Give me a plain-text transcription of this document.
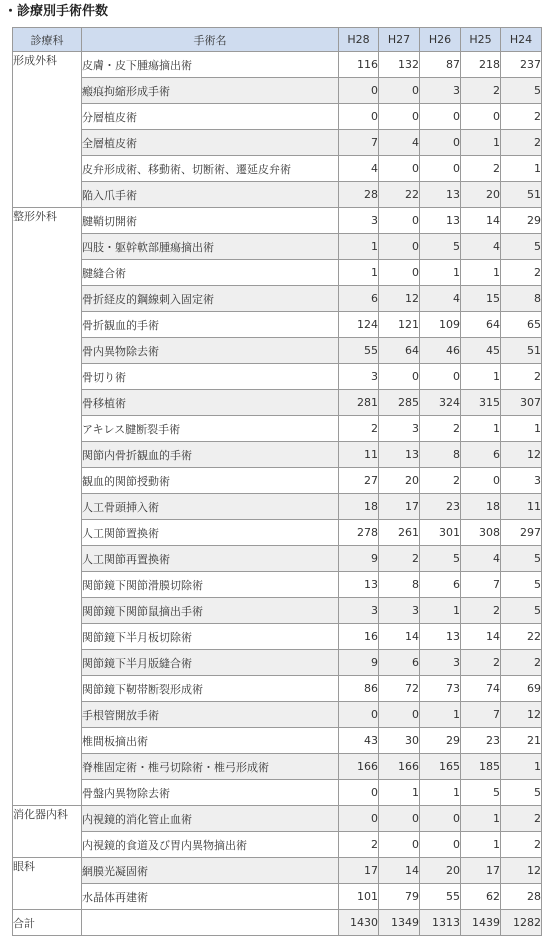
・診療別手術件数
診療科	手術名	H28	H27	H26	H25	H24
形成外科	皮膚・皮下腫瘍摘出術	116	132	87	218	237
	瘢痕拘縮形成手術	0	0	3	2	5
	分層植皮術	0	0	0	0	2
	全層植皮術	7	4	0	1	2
	皮弁形成術、移動術、切断術、遷延皮弁術	4	0	0	2	1
	陥入爪手術	28	22	13	20	51
整形外科	腱鞘切開術	3	0	13	14	29
	四肢・躯幹軟部腫瘍摘出術	1	0	5	4	5
	腱縫合術	1	0	1	1	2
	骨折経皮的鋼線刺入固定術	6	12	4	15	8
	骨折観血的手術	124	121	109	64	65
	骨内異物除去術	55	64	46	45	51
	骨切り術	3	0	0	1	2
	骨移植術	281	285	324	315	307
	アキレス腱断裂手術	2	3	2	1	1
	関節内骨折観血的手術	11	13	8	6	12
	観血的関節授動術	27	20	2	0	3
	人工骨頭挿入術	18	17	23	18	11
	人工関節置換術	278	261	301	308	297
	人工関節再置換術	9	2	5	4	5
	関節鏡下関節滑膜切除術	13	8	6	7	5
	関節鏡下関節鼠摘出手術	3	3	1	2	5
	関節鏡下半月板切除術	16	14	13	14	22
	関節鏡下半月版縫合術	9	6	3	2	2
	関節鏡下靭帯断裂形成術	86	72	73	74	69
	手根管開放手術	0	0	1	7	12
	椎間板摘出術	43	30	29	23	21
	脊椎固定術・椎弓切除術・椎弓形成術	166	166	165	185	1
	骨盤内異物除去術	0	1	1	5	5
消化器内科	内視鏡的消化管止血術	0	0	0	1	2
	内視鏡的食道及び胃内異物摘出術	2	0	0	1	2
眼科	網膜光凝固術	17	14	20	17	12
	水晶体再建術	101	79	55	62	28
合計		1430	1349	1313	1439	1282
